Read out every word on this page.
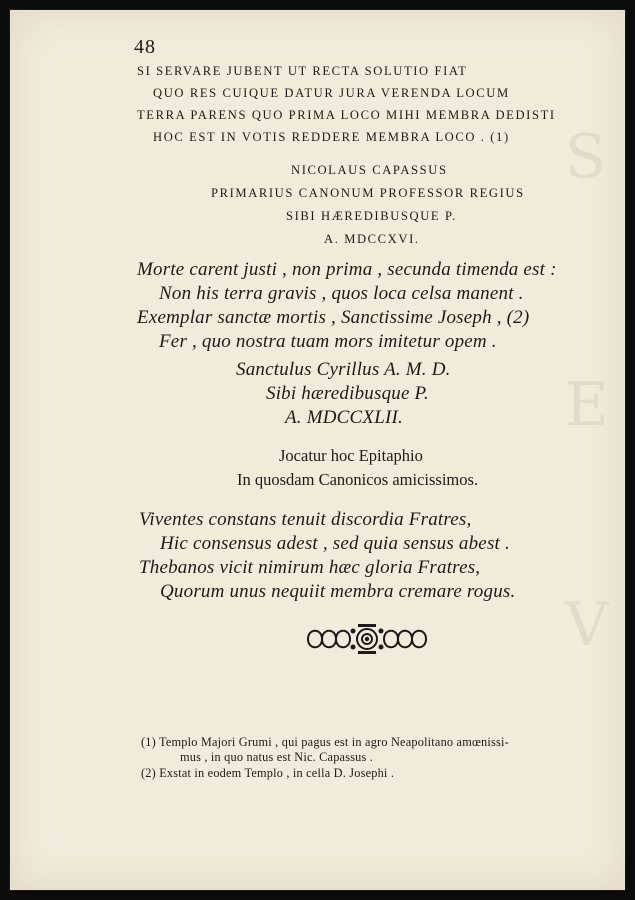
S
E
V
48
SI SERVARE JUBENT UT RECTA SOLUTIO FIAT
QUO RES CUIQUE DATUR JURA VERENDA LOCUM
TERRA PARENS QUO PRIMA LOCO MIHI MEMBRA DEDISTI
HOC EST IN VOTIS REDDERE MEMBRA LOCO . (1)
NICOLAUS CAPASSUS
PRIMARIUS CANONUM PROFESSOR REGIUS
SIBI HÆREDIBUSQUE P.
A. MDCCXVI.
Morte carent justi , non prima , secunda timenda est :
Non his terra gravis , quos loca celsa manent .
Exemplar sanctæ mortis , Sanctissime Joseph , (2)
Fer , quo nostra tuam mors imitetur opem .
Sanctulus Cyrillus A. M. D.
Sibi hæredibusque P.
A. MDCCXLII.
Jocatur hoc Epitaphio
In quosdam Canonicos amicissimos.
Viventes constans tenuit discordia Fratres,
Hic consensus adest , sed quia sensus abest .
Thebanos vicit nimirum hæc gloria Fratres,
Quorum unus nequiit membra cremare rogus.
(1) Templo Majori Grumi , qui pagus est in agro Neapolitano amœnissi-
mus , in quo natus est Nic. Capassus .
(2) Exstat in eodem Templo , in cella D. Josephi .
